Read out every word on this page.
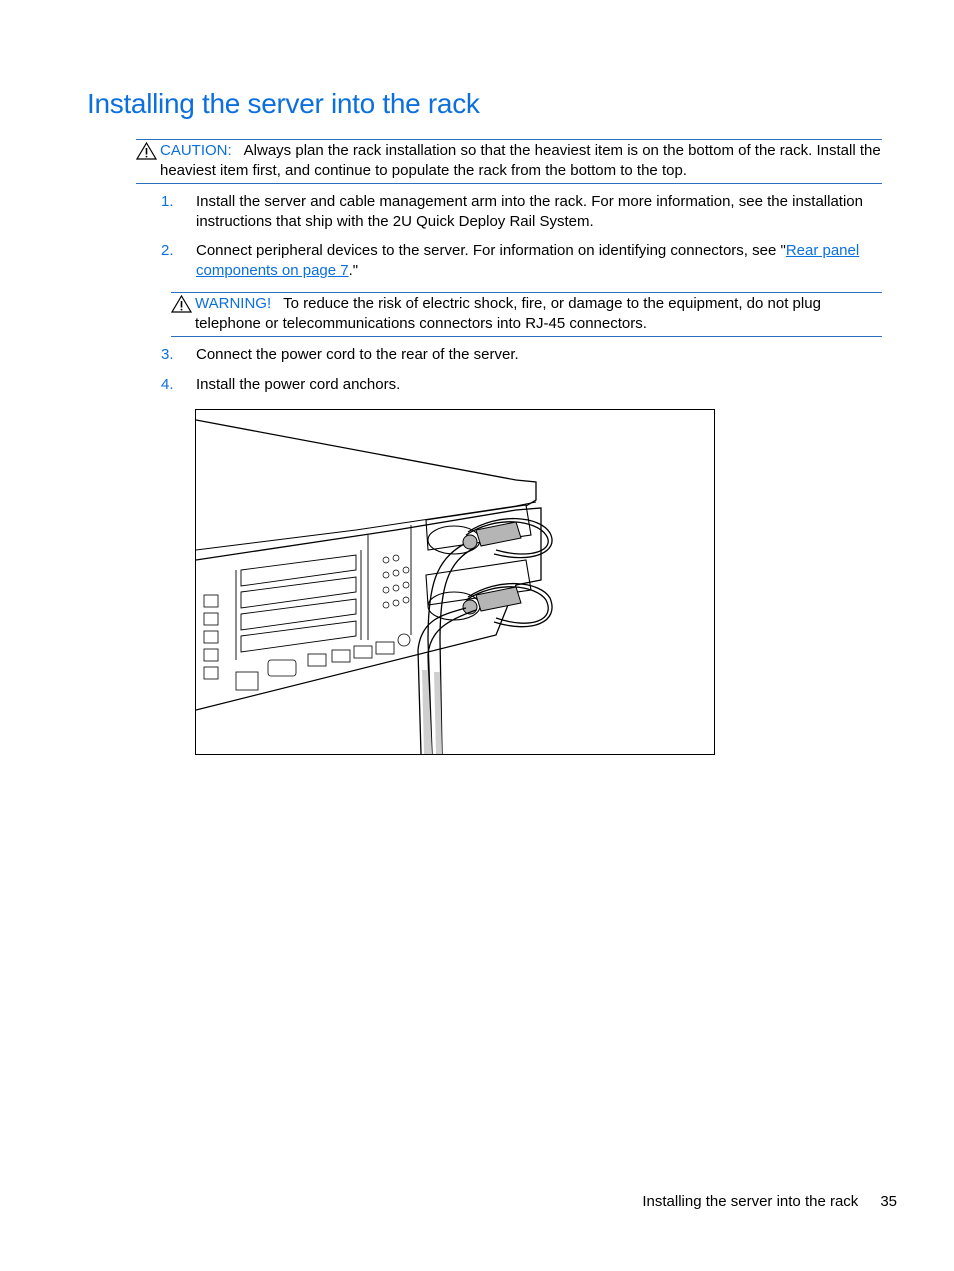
Installing the server into the rack
CAUTION: Always plan the rack installation so that the heaviest item is on the bottom of the rack. Install the heaviest item first, and continue to populate the rack from the bottom to the top.
1. Install the server and cable management arm into the rack. For more information, see the installation instructions that ship with the 2U Quick Deploy Rail System.
2. Connect peripheral devices to the server. For information on identifying connectors, see "Rear panel components on page 7."
WARNING! To reduce the risk of electric shock, fire, or damage to the equipment, do not plug telephone or telecommunications connectors into RJ-45 connectors.
3. Connect the power cord to the rear of the server.
4. Install the power cord anchors.
Installing the server into the rack 35
